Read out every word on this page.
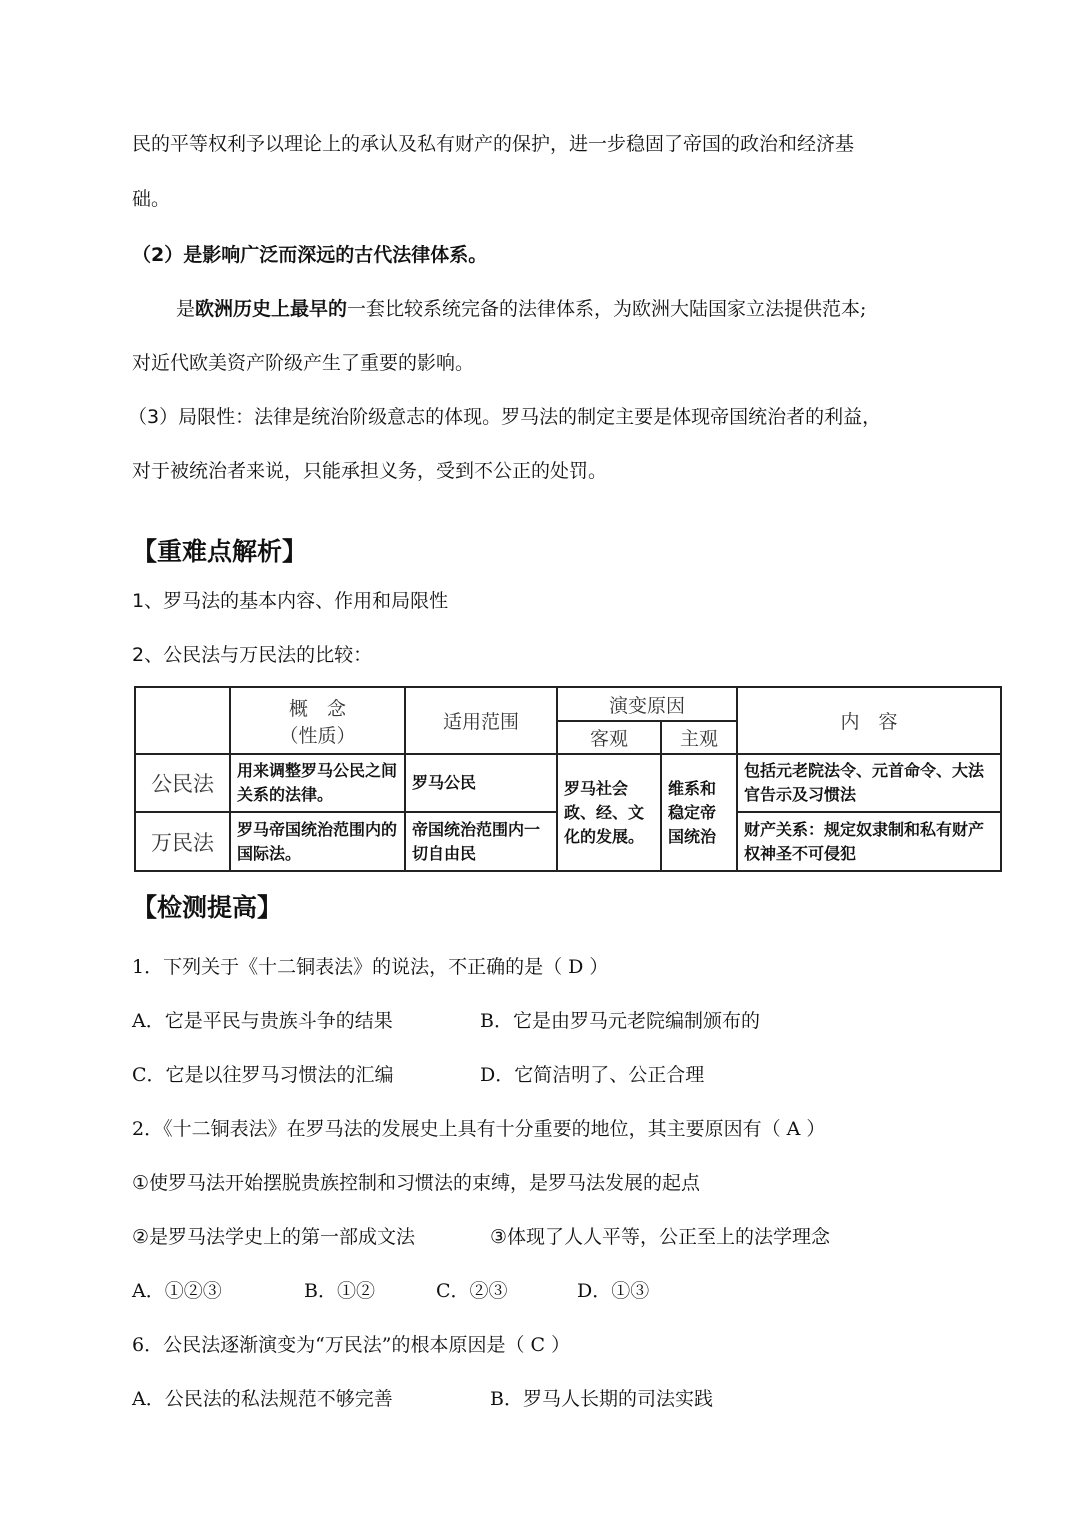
民的平等权利予以理论上的承认及私有财产的保护，进一步稳固了帝国的政治和经济基
础。
（2）是影响广泛而深远的古代法律体系。
是欧洲历史上最早的一套比较系统完备的法律体系，为欧洲大陆国家立法提供范本;
对近代欧美资产阶级产生了重要的影响。
（3）局限性：法律是统治阶级意志的体现。罗马法的制定主要是体现帝国统治者的利益，
对于被统治者来说，只能承担义务，受到不公正的处罚。
【重难点解析】
1、罗马法的基本内容、作用和局限性
2、公民法与万民法的比较：

	概　念
（性质）	适用范围	演变原因		内　容
			客观	主观	
公民法	用来调整罗马公民之间关系的法律。	罗马公民	罗马社会政、经、文化的发展。	维系和稳定帝国统治	包括元老院法令、元首命令、大法官告示及习惯法
万民法	罗马帝国统治范围内的国际法。	帝国统治范围内一切自由民			财产关系：规定奴隶制和私有财产权神圣不可侵犯
【检测提高】
1．下列关于《十二铜表法》的说法，不正确的是（ D ）
A．它是平民与贵族斗争的结果	B．它是由罗马元老院编制颁布的
C．它是以往罗马习惯法的汇编	D．它简洁明了、公正合理
2．《十二铜表法》在罗马法的发展史上具有十分重要的地位，其主要原因有（ A ）
①使罗马法开始摆脱贵族控制和习惯法的束缚，是罗马法发展的起点
②是罗马法学史上的第一部成文法	③体现了人人平等，公正至上的法学理念
A．①②③	B．①②	C．②③	D．①③
6．公民法逐渐演变为“万民法”的根本原因是（ C ）
A．公民法的私法规范不够完善	B．罗马人长期的司法实践
